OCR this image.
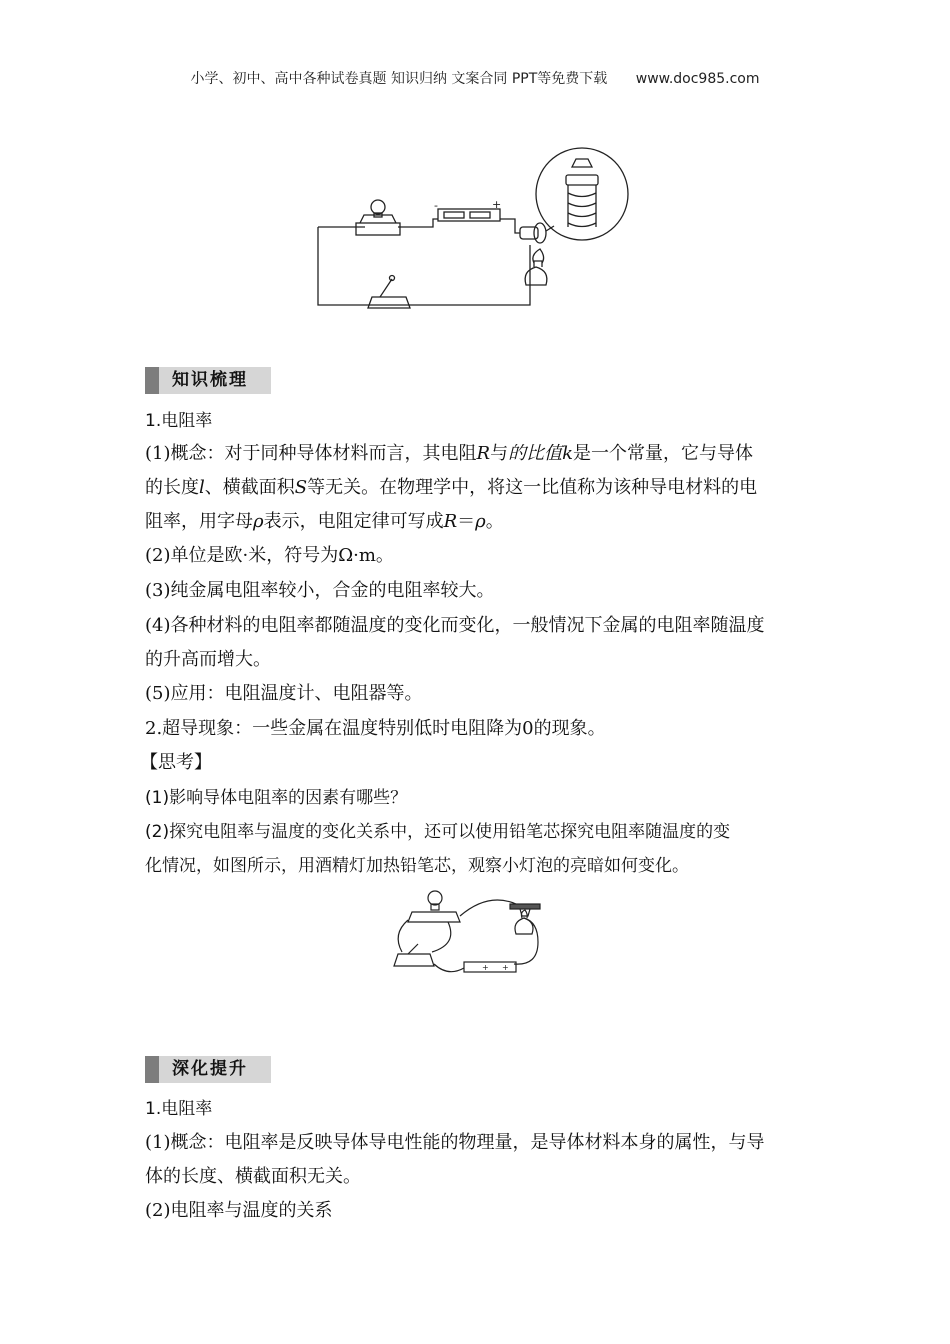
小学、初中、高中各种试卷真题 知识归纳 文案合同 PPT等免费下载 www.doc985.com
-	+
知识梳理
1.电阻率
(1)概念：对于同种导体材料而言，其电阻R与的比值k是一个常量，它与导体
的长度l、横截面积S等无关。在物理学中，将这一比值称为该种导电材料的电
阻率，用字母ρ表示，电阻定律可写成R＝ρ。
(2)单位是欧·米，符号为Ω·m。
(3)纯金属电阻率较小，合金的电阻率较大。
(4)各种材料的电阻率都随温度的变化而变化，一般情况下金属的电阻率随温度
的升高而增大。
(5)应用：电阻温度计、电阻器等。
2.超导现象：一些金属在温度特别低时电阻降为0的现象。
【思考】
(1)影响导体电阻率的因素有哪些？
(2)探究电阻率与温度的变化关系中，还可以使用铅笔芯探究电阻率随温度的变
化情况，如图所示，用酒精灯加热铅笔芯，观察小灯泡的亮暗如何变化。
+ +
深化提升
1.电阻率
(1)概念：电阻率是反映导体导电性能的物理量，是导体材料本身的属性，与导
体的长度、横截面积无关。
(2)电阻率与温度的关系
